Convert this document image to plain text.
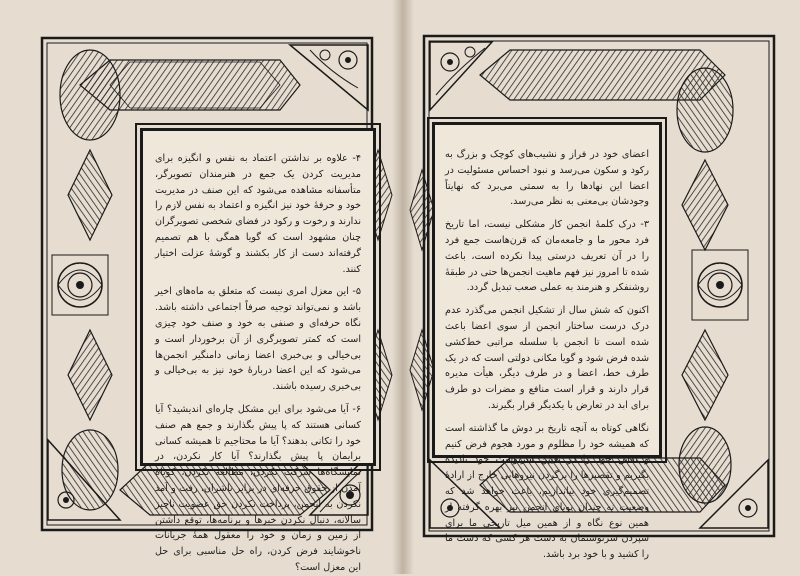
۴- علاوه بر نداشتن اعتماد به نفس و انگیزه برای مدیریت کردن یک جمع در هنرمندان تصویرگر، متأسفانه مشاهده می‌شود که این صنف در مدیریت خود و حرفهٔ خود نیز انگیزه و اعتماد به نفس لازم را ندارند و رخوت و رکود در فضای شخصی تصویرگران چنان مشهود است که گویا همگی با هم تصمیم گرفته‌اند دست از کار بکشند و گوشهٔ عزلت اختیار کنند.

۵- این معزل امری نیست که متعلق به ماه‌های اخیر باشد و نمی‌تواند توجیه صرفاً اجتماعی داشته باشد. نگاه حرفه‌ای و صنفی به خود و صنف خود چیزی است که کمتر تصویرگری از آن برخوردار است و بی‌خیالی و بی‌خبری اعضا زمانی دامنگیر انجمن‌ها می‌شود که این اعضا دربارهٔ خود نیز به بی‌خیالی و بی‌خبری رسیده باشند.

۶- آیا می‌شود برای این مشکل چاره‌ای اندیشید؟ آیا کسانی هستند که پا پیش بگذارند و جمع هم صنف خود را تکانی بدهند؟ آیا ما محتاجیم تا همیشه کسانی برایمان پا پیش بگذارند؟ آیا کار نکردن، در نمایشگاه‌ها شرکت نکردن، مطالعه نکردن، کوتاه آمدن از حقوق حرفه‌ای در برابر ناشران، رفت و آمد نکردن به انجمن، پرداخت نکردن حق عضویت ناچیز سالانه، دنبال نکردن خبرها و برنامه‌ها، توقع داشتن از زمین و زمان و خود را معقول همهٔ جریانات ناخوشایند فرض کردن، راه حل مناسبی برای حل این معزل است؟

اعضای خود در فراز و نشیب‌های کوچک و بزرگ به رکود و سکون می‌رسد و نبود احساس مسئولیت در اعضا این نهادها را به سمتی می‌برد که نهایتاً وجودشان بی‌معنی به نظر می‌رسد.

۳- درک کلمهٔ انجمن کار مشکلی نیست، اما تاریخ فرد محور ما و جامعه‌مان که قرن‌هاست جمع فرد را در آن تعریف درستی پیدا نکرده است، باعث شده تا امروز نیز فهم ماهیت انجمن‌ها حتی در طبقهٔ روشنفکر و هنرمند به عملی صعب تبدیل گردد.

اکنون که شش سال از تشکیل انجمن می‌گذرد عدم درک درست ساختار انجمن از سوی اعضا باعث شده است تا انجمن با سلسله مراتبی خط‌کشی شده فرض شود و گویا مکانی دولتی است که در یک طرف خط، اعضا و در طرف دیگر، هیأت مدیره قرار دارند و قرار است منافع و مضرات دو طرف برای ابد در تعارض با یکدیگر قرار بگیرند.

نگاهی کوتاه به آنچه تاریخ بر دوش ما گذاشته است که همیشه خود را مظلوم و مورد هجوم فرض کنیم و نقش خود را در تعیین سرنوشت خود نادیده بگیریم و تقصیرها را برگردن نیروهایی خارج از ارادهٔ تصمیم‌گیری خود بیاندازیم، باعث خواهد شد که وضعیت نه چندان پویای انجمن نیز بهره گرفته از همین نوع نگاه و از همین میل تاریخی ما برای سپردن سرنوشتمان به دست هر کسی که دست ما را کشید و با خود برد باشد.
